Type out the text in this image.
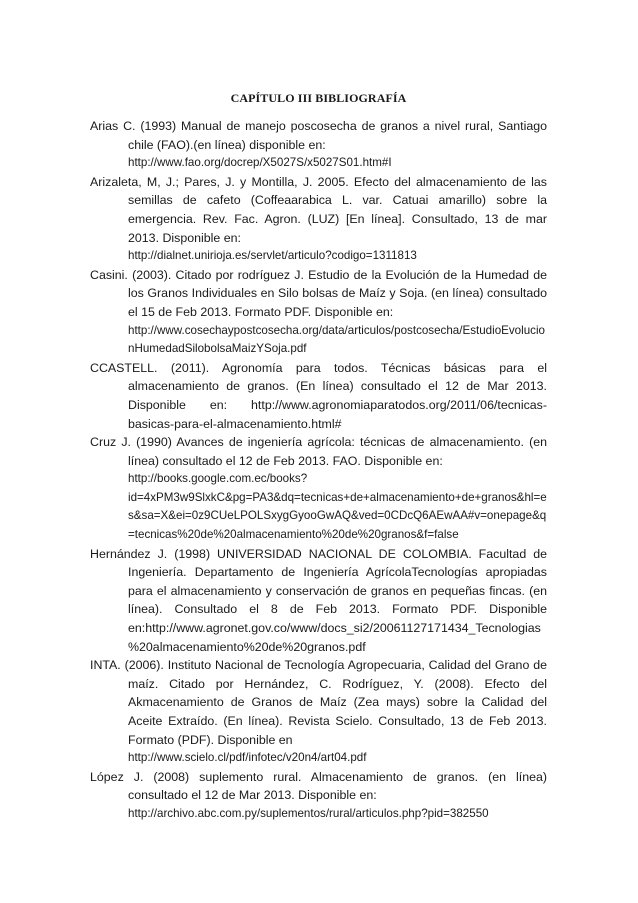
CAPÍTULO III BIBLIOGRAFÍA
Arias C. (1993) Manual de manejo poscosecha de granos a nivel rural, Santiago chile (FAO).(en línea) disponible en:
http://www.fao.org/docrep/X5027S/x5027S01.htm#I
Arizaleta, M, J.; Pares, J. y Montilla, J. 2005. Efecto del almacenamiento de las semillas de cafeto (Coffeaarabica L. var. Catuai amarillo) sobre la emergencia. Rev. Fac. Agron. (LUZ) [En línea]. Consultado, 13 de mar 2013. Disponible en:
http://dialnet.unirioja.es/servlet/articulo?codigo=1311813
Casini. (2003). Citado por rodríguez J. Estudio de la Evolución de la Humedad de los Granos Individuales en Silo bolsas de Maíz y Soja. (en línea) consultado el 15 de Feb 2013. Formato PDF. Disponible en:
http://www.cosechaypostcosecha.org/data/articulos/postcosecha/EstudioEvolucionHumedadSilobolsaMaizYSoja.pdf
CCASTELL. (2011). Agronomía para todos. Técnicas básicas para el almacenamiento de granos. (En línea) consultado el 12 de Mar 2013. Disponible en: http://www.agronomiaparatodos.org/2011/06/tecnicas-basicas-para-el-almacenamiento.html#
Cruz J. (1990) Avances de ingeniería agrícola: técnicas de almacenamiento. (en línea) consultado el 12 de Feb 2013. FAO. Disponible en:
http://books.google.com.ec/books?id=4xPM3w9SlxkC&pg=PA3&dq=tecnicas+de+almacenamiento+de+granos&hl=es&sa=X&ei=0z9CUeLPOLSxygGyooGwAQ&ved=0CDcQ6AEwAA#v=onepage&q=tecnicas%20de%20almacenamiento%20de%20granos&f=false
Hernández J. (1998) UNIVERSIDAD NACIONAL DE COLOMBIA. Facultad de Ingeniería. Departamento de Ingeniería AgrícolaTecnologías apropiadas para el almacenamiento y conservación de granos en pequeñas fincas. (en línea). Consultado el 8 de Feb 2013. Formato PDF. Disponible en:http://www.agronet.gov.co/www/docs_si2/20061127171434_Tecnologias%20almacenamiento%20de%20granos.pdf
INTA. (2006). Instituto Nacional de Tecnología Agropecuaria, Calidad del Grano de maíz. Citado por Hernández, C. Rodríguez, Y. (2008). Efecto del Akmacenamiento de Granos de Maíz (Zea mays) sobre la Calidad del Aceite Extraído. (En línea). Revista Scielo. Consultado, 13 de Feb 2013. Formato (PDF). Disponible en
http://www.scielo.cl/pdf/infotec/v20n4/art04.pdf
López J. (2008) suplemento rural. Almacenamiento de granos. (en línea) consultado el 12 de Mar 2013. Disponible en:
http://archivo.abc.com.py/suplementos/rural/articulos.php?pid=382550
